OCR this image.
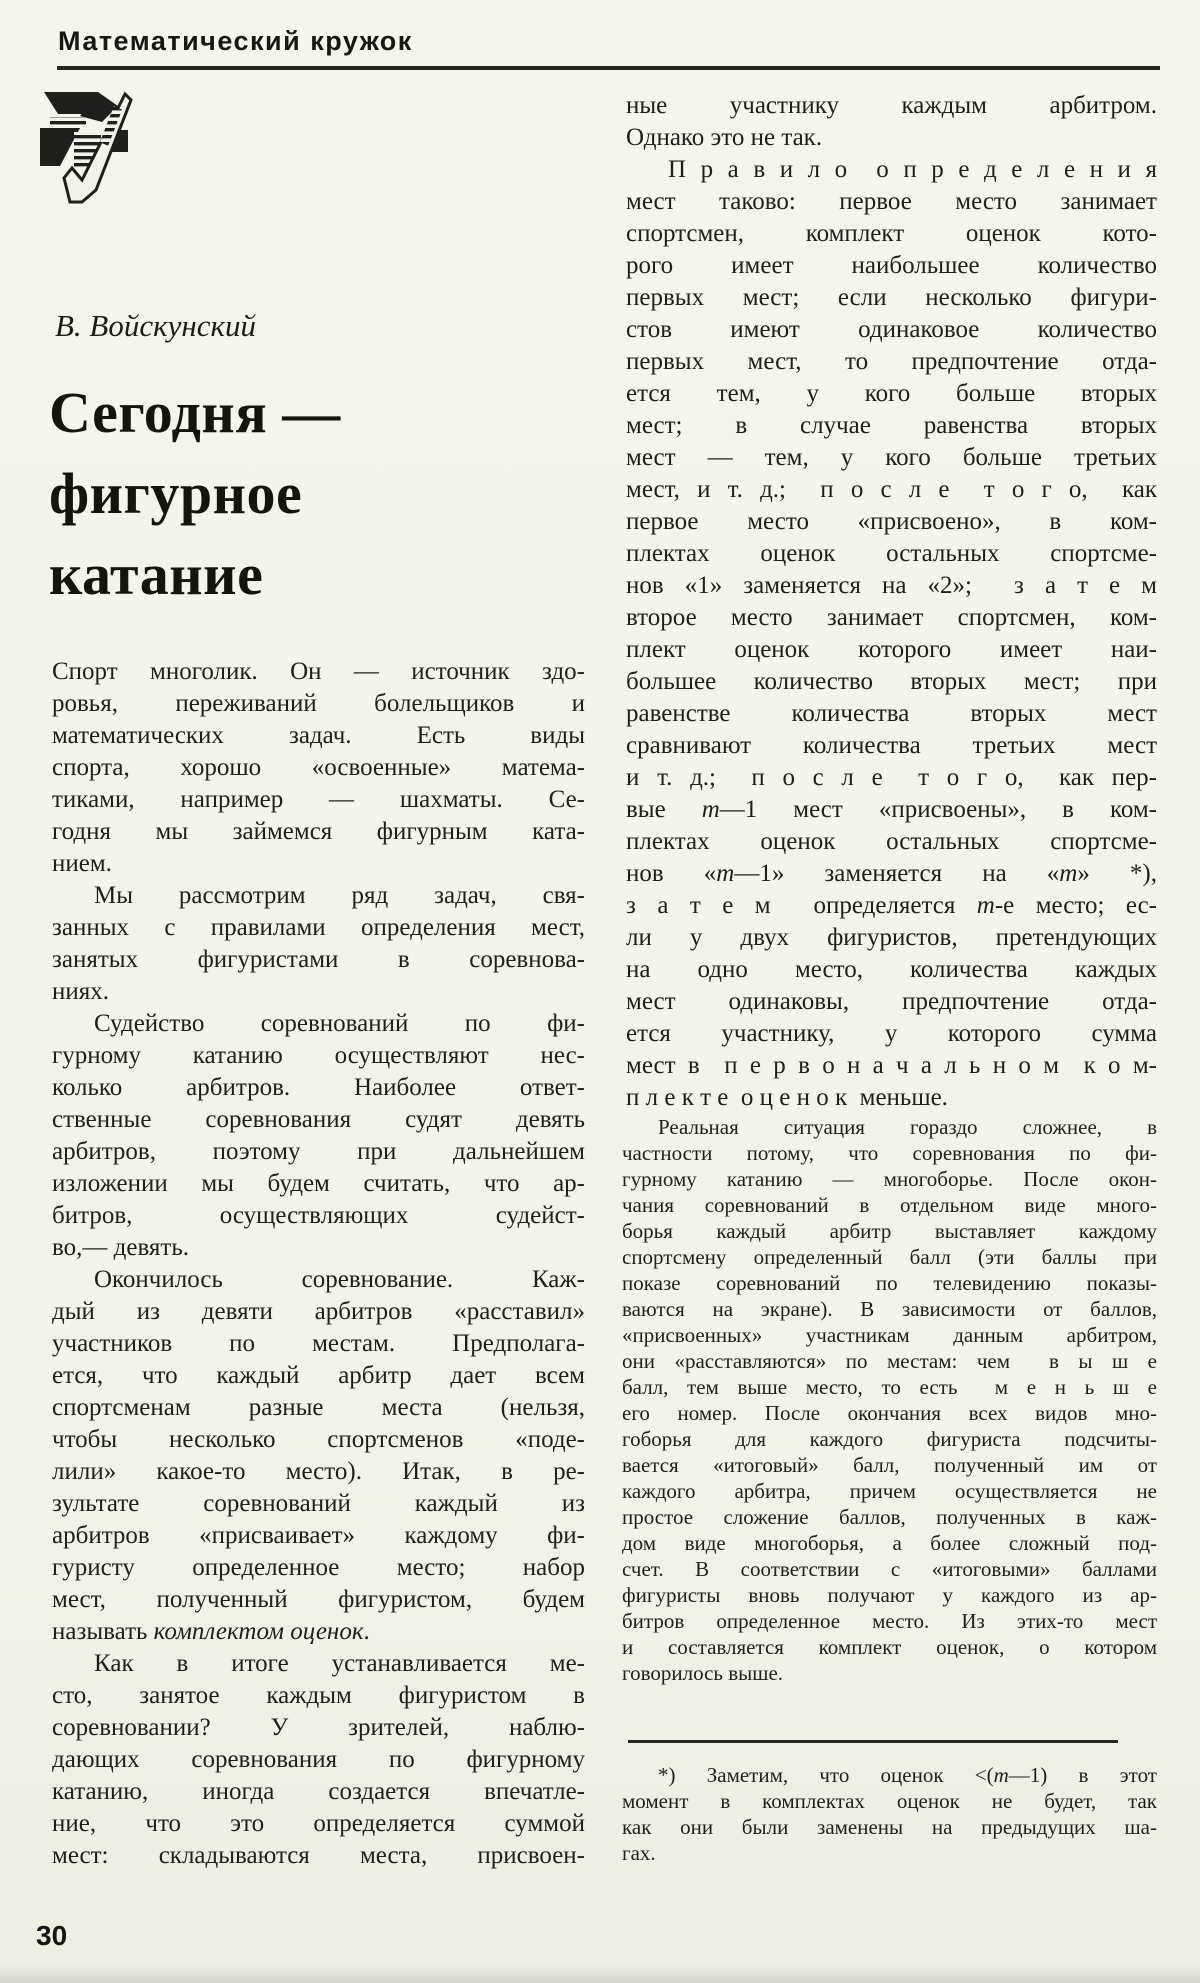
Математический кружок
В. Войскунский
Сегодня —
фигурное
катание
Спорт многолик. Он — источник здо-
ровья, переживаний болельщиков и
математических задач. Есть виды
спорта, хорошо «освоенные» матема-
тиками, например — шахматы. Се-
годня мы займемся фигурным ката-
нием.
Мы рассмотрим ряд задач, свя-
занных с правилами определения мест,
занятых фигуристами в соревнова-
ниях.
Судейство соревнований по фи-
гурному катанию осуществляют нес-
колько арбитров. Наиболее ответ-
ственные соревнования судят девять
арбитров, поэтому при дальнейшем
изложении мы будем считать, что ар-
битров, осуществляющих судейст-
во,— девять.
Окончилось соревнование. Каж-
дый из девяти арбитров «расставил»
участников по местам. Предполага-
ется, что каждый арбитр дает всем
спортсменам разные места (нельзя,
чтобы несколько спортсменов «поде-
лили» какое-то место). Итак, в ре-
зультате соревнований каждый из
арбитров «присваивает» каждому фи-
гуристу определенное место; набор
мест, полученный фигуристом, будем
называть комплектом оценок.
Как в итоге устанавливается ме-
сто, занятое каждым фигуристом в
соревновании? У зрителей, наблю-
дающих соревнования по фигурному
катанию, иногда создается впечатле-
ние, что это определяется суммой
мест: складываются места, присвоен-
ные участнику каждым арбитром.
Однако это не так.
П р а в и л о  о п р е д е л е н и я
мест таково: первое место занимает
спортсмен, комплект оценок кото-
рого имеет наибольшее количество
первых мест; если несколько фигури-
стов имеют одинаковое количество
первых мест, то предпочтение отда-
ется тем, у кого больше вторых
мест; в случае равенства вторых
мест — тем, у кого больше третьих
мест, и т. д.;  п о с л е  т о г о,  как
первое место «присвоено», в ком-
плектах оценок остальных спортсме-
нов «1» заменяется на «2»;  з а т е м
второе место занимает спортсмен, ком-
плект оценок которого имеет наи-
большее количество вторых мест; при
равенстве количества вторых мест
сравнивают количества третьих мест
и т. д.;  п о с л е  т о г о,  как пер-
вые m—1 мест «присвоены», в ком-
плектах оценок остальных спортсме-
нов «m—1» заменяется на «m» *),
з а т е м  определяется m-е место; ес-
ли у двух фигуристов, претендующих
на одно место, количества каждых
мест одинаковы, предпочтение отда-
ется участнику, у которого сумма
мест в  п е р в о н а ч а л ь н о м  к о м-
п л е к т е  о ц е н о к  меньше.
Реальная ситуация гораздо сложнее, в
частности потому, что соревнования по фи-
гурному катанию — многоборье. После окон-
чания соревнований в отдельном виде много-
борья каждый арбитр выставляет каждому
спортсмену определенный балл (эти баллы при
показе соревнований по телевидению показы-
ваются на экране). В зависимости от баллов,
«присвоенных» участникам данным арбитром,
они «расставляются» по местам: чем  в ы ш е
балл, тем выше место, то есть  м е н ь ш е
его номер. После окончания всех видов мно-
гоборья для каждого фигуриста подсчиты-
вается «итоговый» балл, полученный им от
каждого арбитра, причем осуществляется не
простое сложение баллов, полученных в каж-
дом виде многоборья, а более сложный под-
счет. В соответствии с «итоговыми» баллами
фигуристы вновь получают у каждого из ар-
битров определенное место. Из этих-то мест
и составляется комплект оценок, о котором
говорилось выше.
*) Заметим, что оценок <(m—1) в этот
момент в комплектах оценок не будет, так
как они были заменены на предыдущих ша-
гах.
30
